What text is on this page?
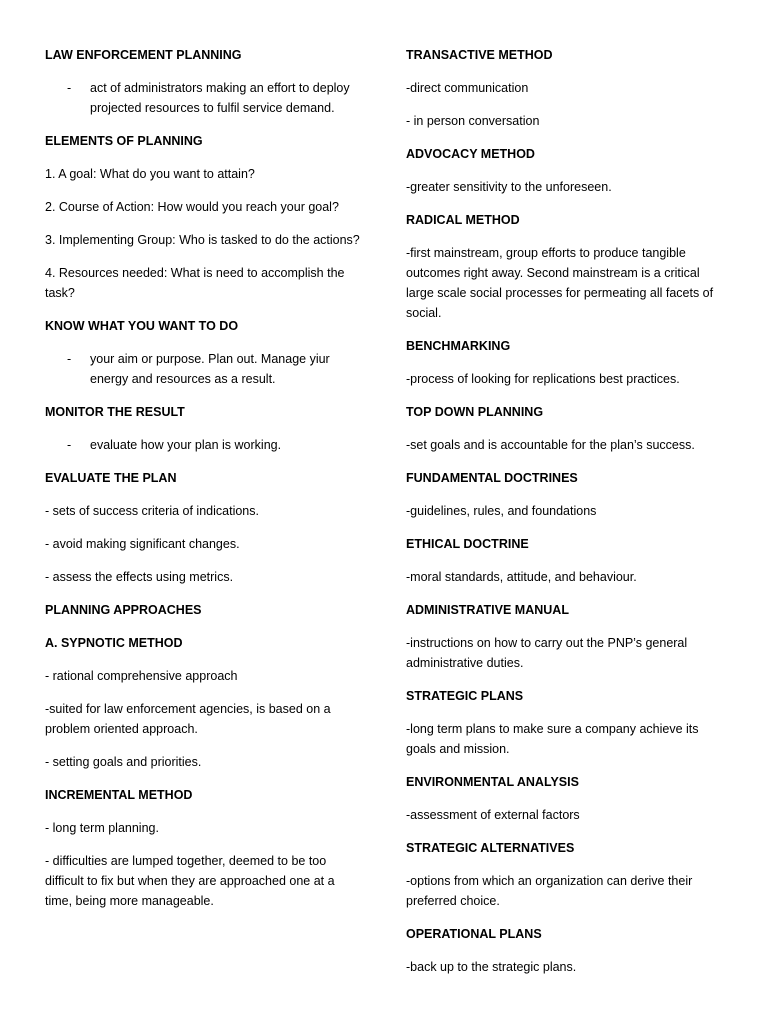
LAW ENFORCEMENT PLANNING
-	act of administrators making an effort to deploy projected resources to fulfil service demand.
ELEMENTS OF PLANNING
1. A goal: What do you want to attain?
2. Course of Action: How would you reach your goal?
3. Implementing Group: Who is tasked to do the actions?
4. Resources needed: What is need to accomplish the task?
KNOW WHAT YOU WANT TO DO
-	your aim or purpose. Plan out. Manage yiur energy and resources as a result.
MONITOR THE RESULT
-	evaluate how your plan is working.
EVALUATE THE PLAN
- sets of success criteria of indications.
- avoid making significant changes.
- assess the effects using metrics.
PLANNING APPROACHES
A. SYPNOTIC METHOD
- rational comprehensive approach
-suited for law enforcement agencies, is based on a problem oriented approach.
- setting goals and priorities.
INCREMENTAL METHOD
- long term planning.
- difficulties are lumped together, deemed to be too difficult to fix but when they are approached one at a time, being more manageable.
TRANSACTIVE METHOD
-direct communication
- in person conversation
ADVOCACY METHOD
-greater sensitivity to the unforeseen.
RADICAL METHOD
-first mainstream, group efforts to produce tangible outcomes right away. Second mainstream is a critical large scale social processes for permeating all facets of social.
BENCHMARKING
-process of looking for replications best practices.
TOP DOWN PLANNING
-set goals and is accountable for the plan’s success.
FUNDAMENTAL DOCTRINES
-guidelines, rules, and foundations
ETHICAL DOCTRINE
-moral standards, attitude, and behaviour.
ADMINISTRATIVE MANUAL
-instructions on how to carry out the PNP’s general administrative duties.
STRATEGIC PLANS
-long term plans to make sure a company achieve its goals and mission.
ENVIRONMENTAL ANALYSIS
-assessment of external factors
STRATEGIC ALTERNATIVES
-options from which an organization can derive their preferred choice.
OPERATIONAL PLANS
-back up to the strategic plans.
